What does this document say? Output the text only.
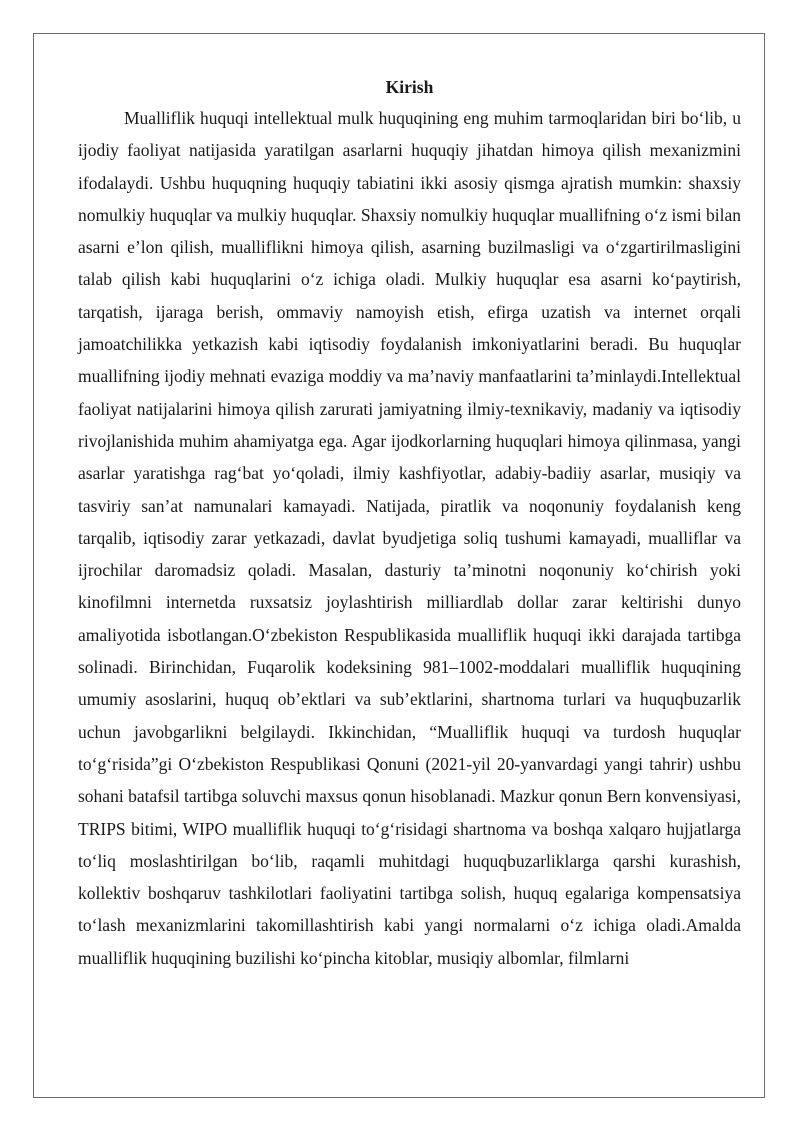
Kirish

Mualliflik huquqi intellektual mulk huquqining eng muhim tarmoqlaridan biri bo‘lib, u ijodiy faoliyat natijasida yaratilgan asarlarni huquqiy jihatdan himoya qilish mexanizmini ifodalaydi. Ushbu huquqning huquqiy tabiatini ikki asosiy qismga ajratish mumkin: shaxsiy nomulkiy huquqlar va mulkiy huquqlar. Shaxsiy nomulkiy huquqlar muallifning o‘z ismi bilan asarni e’lon qilish, mualliflikni himoya qilish, asarning buzilmasligi va o‘zgartirilmasligini talab qilish kabi huquqlarini o‘z ichiga oladi. Mulkiy huquqlar esa asarni ko‘paytirish, tarqatish, ijaraga berish, ommaviy namoyish etish, efirga uzatish va internet orqali jamoatchilikka yetkazish kabi iqtisodiy foydalanish imkoniyatlarini beradi. Bu huquqlar muallifning ijodiy mehnati evaziga moddiy va ma’naviy manfaatlarini ta’minlaydi.Intellektual faoliyat natijalarini himoya qilish zarurati jamiyatning ilmiy-texnikaviy, madaniy va iqtisodiy rivojlanishida muhim ahamiyatga ega. Agar ijodkorlarning huquqlari himoya qilinmasa, yangi asarlar yaratishga rag‘bat yo‘qoladi, ilmiy kashfiyotlar, adabiy-badiiy asarlar, musiqiy va tasviriy san’at namunalari kamayadi. Natijada, piratlik va noqonuniy foydalanish keng tarqalib, iqtisodiy zarar yetkazadi, davlat byudjetiga soliq tushumi kamayadi, mualliflar va ijrochilar daromadsiz qoladi. Masalan, dasturiy ta’minotni noqonuniy ko‘chirish yoki kinofilmni internetda ruxsatsiz joylashtirish milliardlab dollar zarar keltirishi dunyo amaliyotida isbotlangan.O‘zbekiston Respublikasida mualliflik huquqi ikki darajada tartibga solinadi. Birinchidan, Fuqarolik kodeksining 981–1002-moddalari mualliflik huquqining umumiy asoslarini, huquq ob’ektlari va sub’ektlarini, shartnoma turlari va huquqbuzarlik uchun javobgarlikni belgilaydi. Ikkinchidan, “Mualliflik huquqi va turdosh huquqlar to‘g‘risida”gi O‘zbekiston Respublikasi Qonuni (2021-yil 20-yanvardagi yangi tahrir) ushbu sohani batafsil tartibga soluvchi maxsus qonun hisoblanadi. Mazkur qonun Bern konvensiyasi, TRIPS bitimi, WIPO mualliflik huquqi to‘g‘risidagi shartnoma va boshqa xalqaro hujjatlarga to‘liq moslashtirilgan bo‘lib, raqamli muhitdagi huquqbuzarliklarga qarshi kurashish, kollektiv boshqaruv tashkilotlari faoliyatini tartibga solish, huquq egalariga kompensatsiya to‘lash mexanizmlarini takomillashtirish kabi yangi normalarni o‘z ichiga oladi.Amalda mualliflik huquqining buzilishi ko‘pincha kitoblar, musiqiy albomlar, filmlarni
